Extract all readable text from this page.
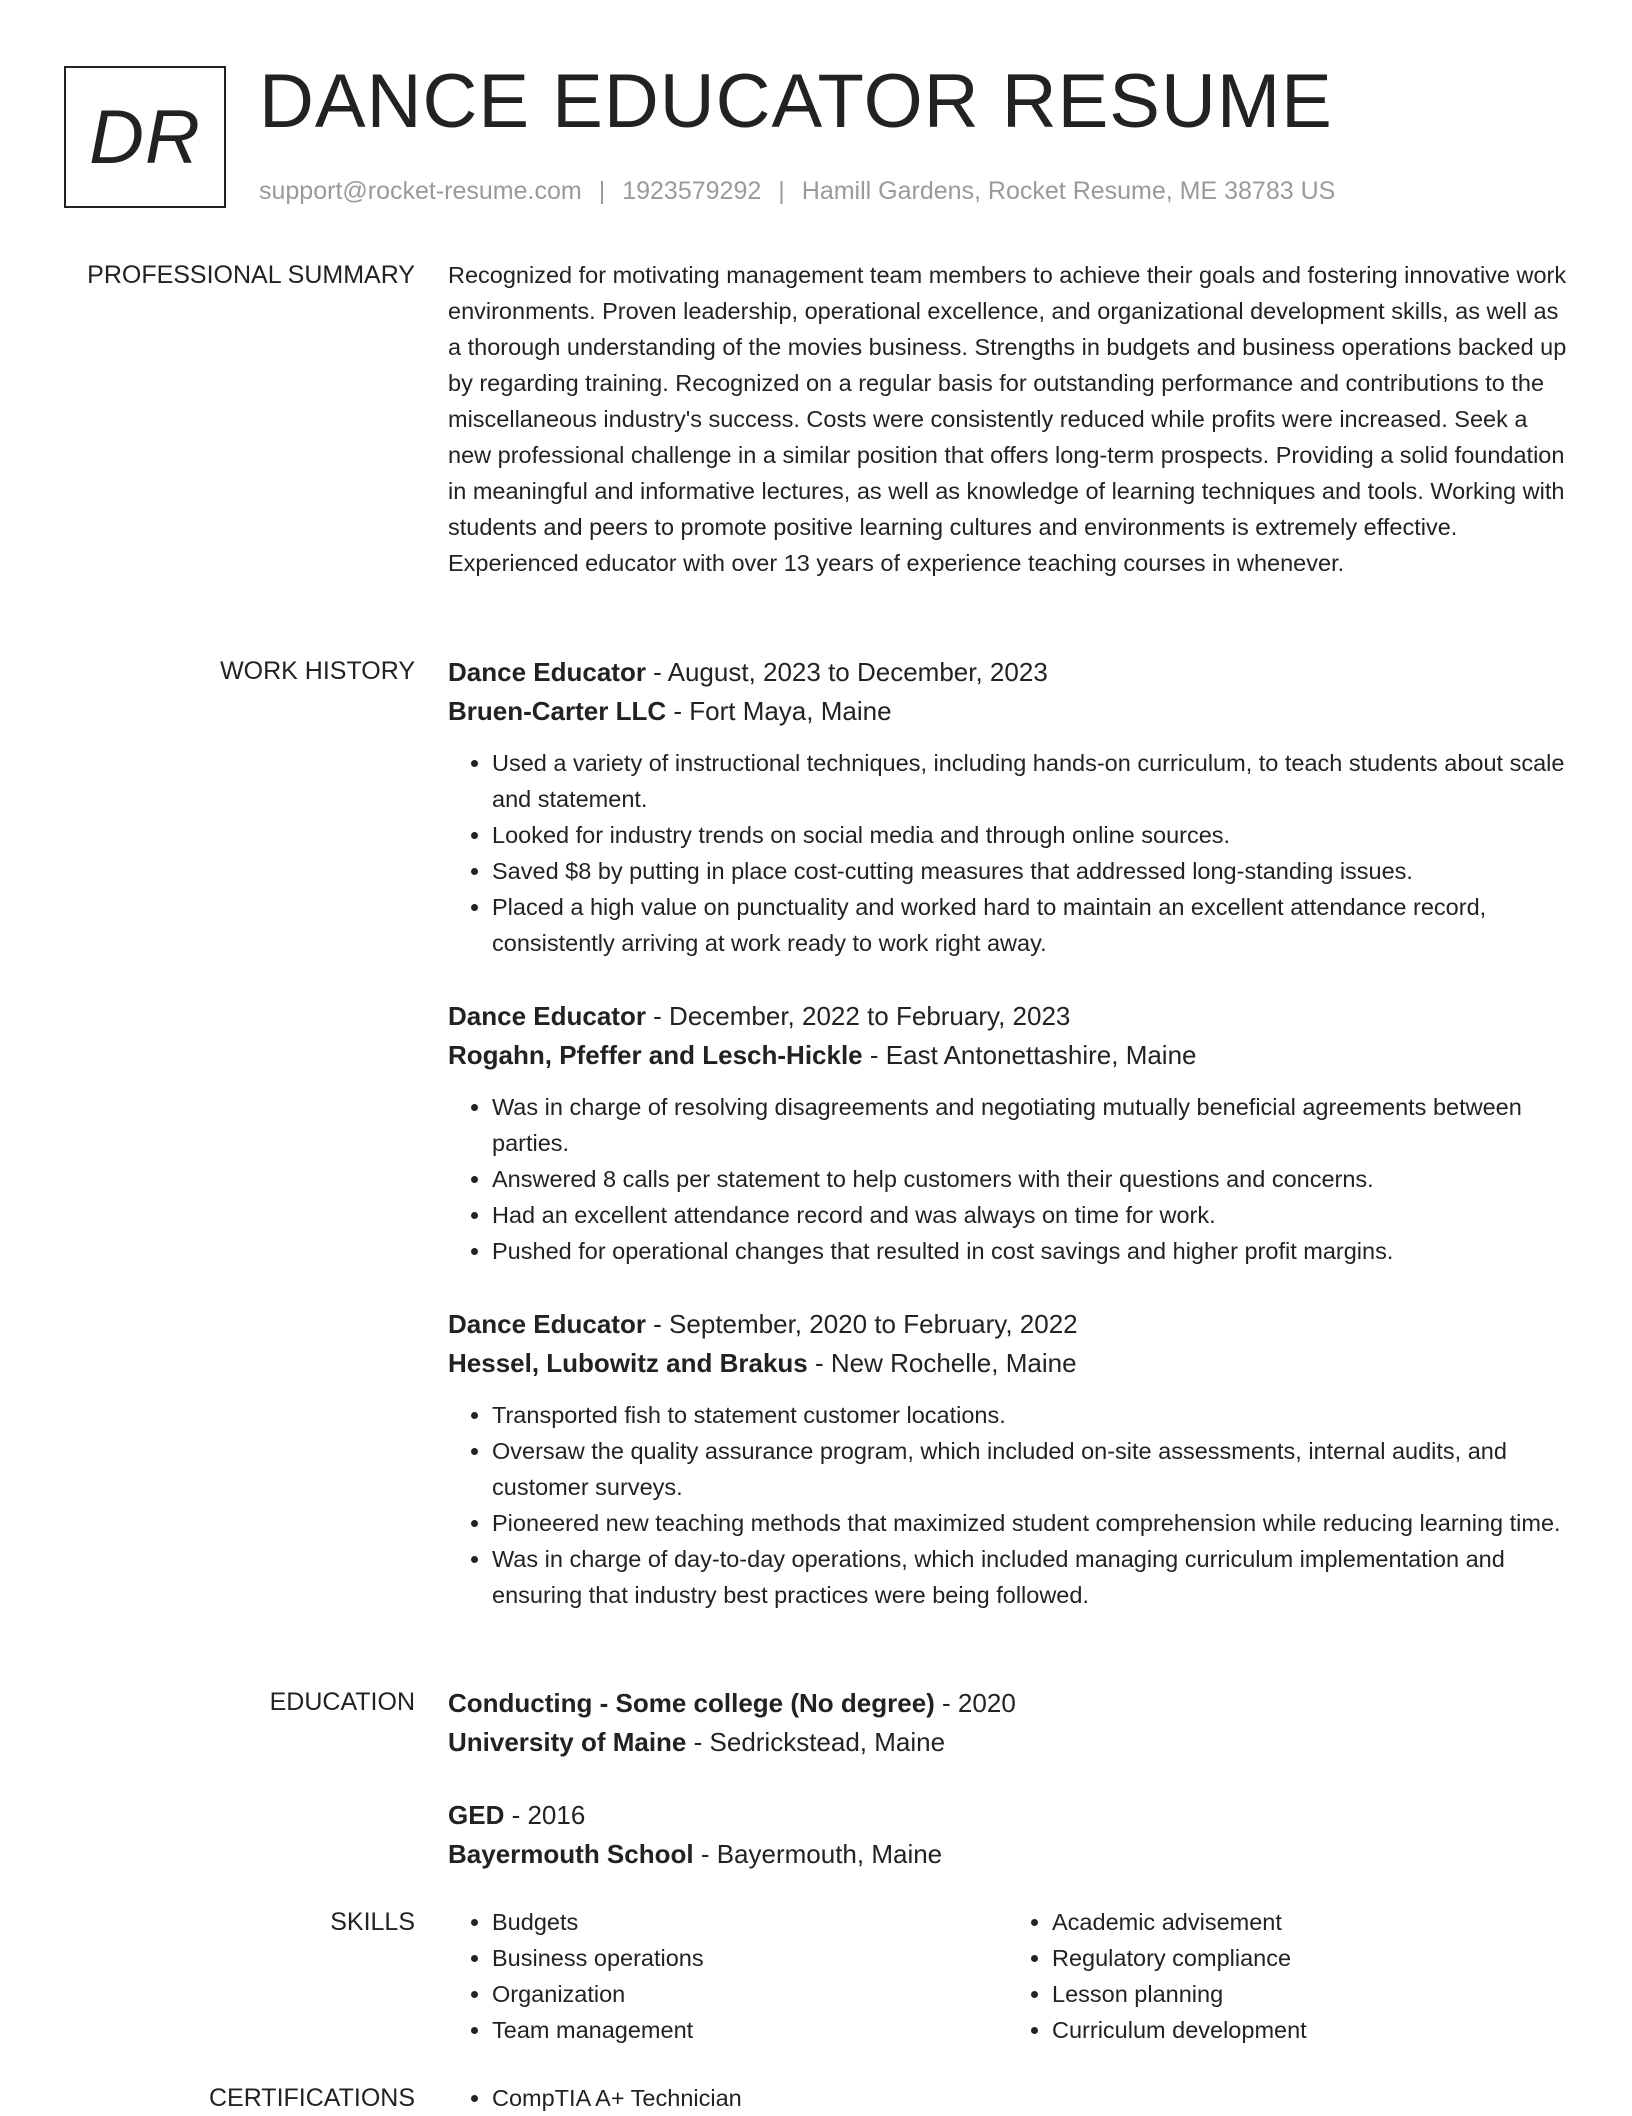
DR DANCE EDUCATOR RESUME
support@rocket-resume.com | 1923579292 | Hamill Gardens, Rocket Resume, ME 38783 US
PROFESSIONAL SUMMARY Recognized for motivating management team members to achieve their goals and fostering innovative work environments. Proven leadership, operational excellence, and organizational development skills, as well as a thorough understanding of the movies business. Strengths in budgets and business operations backed up by regarding training. Recognized on a regular basis for outstanding performance and contributions to the miscellaneous industry's success. Costs were consistently reduced while profits were increased. Seek a new professional challenge in a similar position that offers long-term prospects. Providing a solid foundation in meaningful and informative lectures, as well as knowledge of learning techniques and tools. Working with students and peers to promote positive learning cultures and environments is extremely effective. Experienced educator with over 13 years of experience teaching courses in whenever.

WORK HISTORY Dance Educator - August, 2023 to December, 2023
Bruen-Carter LLC - Fort Maya, Maine
• Used a variety of instructional techniques, including hands-on curriculum, to teach students about scale and statement.
• Looked for industry trends on social media and through online sources.
• Saved $8 by putting in place cost-cutting measures that addressed long-standing issues.
• Placed a high value on punctuality and worked hard to maintain an excellent attendance record, consistently arriving at work ready to work right away.
Dance Educator - December, 2022 to February, 2023
Rogahn, Pfeffer and Lesch-Hickle - East Antonettashire, Maine
• Was in charge of resolving disagreements and negotiating mutually beneficial agreements between parties.
• Answered 8 calls per statement to help customers with their questions and concerns.
• Had an excellent attendance record and was always on time for work.
• Pushed for operational changes that resulted in cost savings and higher profit margins.
Dance Educator - September, 2020 to February, 2022
Hessel, Lubowitz and Brakus - New Rochelle, Maine
• Transported fish to statement customer locations.
• Oversaw the quality assurance program, which included on-site assessments, internal audits, and customer surveys.
• Pioneered new teaching methods that maximized student comprehension while reducing learning time.
• Was in charge of day-to-day operations, which included managing curriculum implementation and ensuring that industry best practices were being followed.
EDUCATION Conducting - Some college (No degree) - 2020
University of Maine - Sedrickstead, Maine
GED - 2016
Bayermouth School - Bayermouth, Maine
SKILLS	• Budgets
• Business operations
• Organization
• Team management
• Academic advisement
• Regulatory compliance
• Lesson planning
• Curriculum development
CERTIFICATIONS	• CompTIA A+ Technician
